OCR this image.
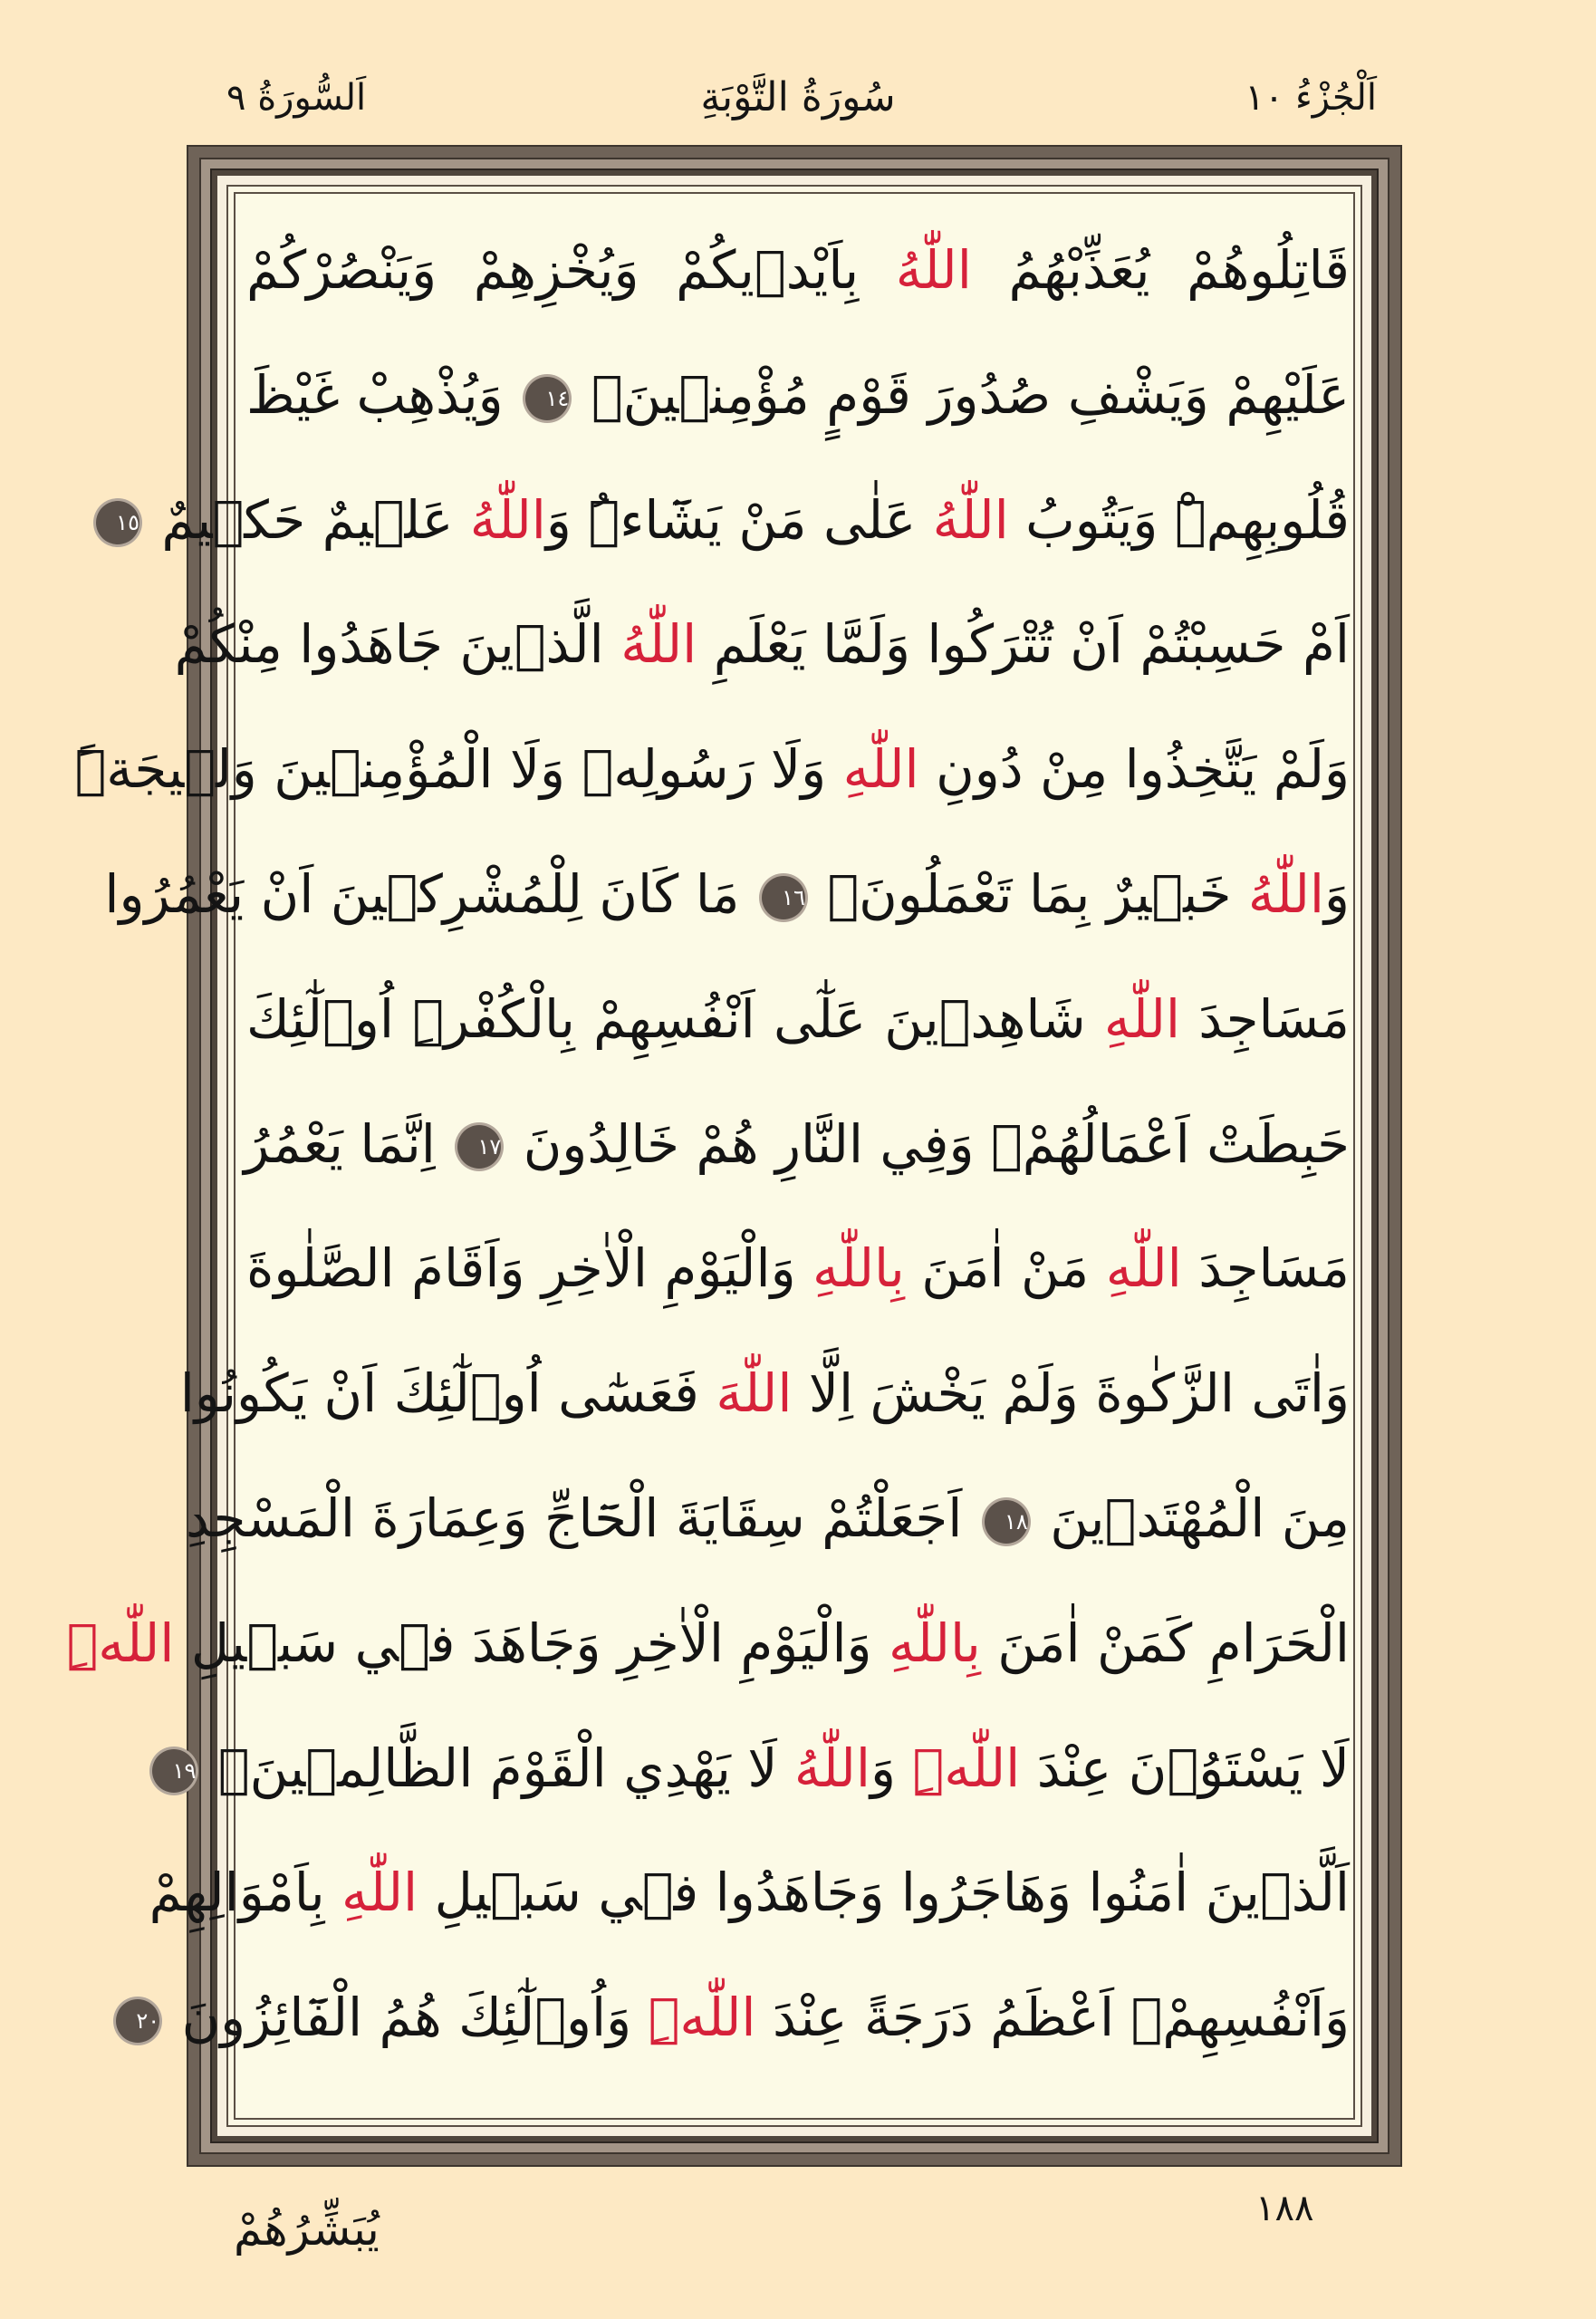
اَلْجُزْءُ ١٠
سُورَةُ التَّوْبَةِ
اَلسُّورَةُ ٩
قَاتِلُوهُمْ يُعَذِّبْهُمُ اللّٰهُ بِاَيْد۪يكُمْ وَيُخْزِهِمْ وَيَنْصُرْكُمْ
عَلَيْهِمْ وَيَشْفِ صُدُورَ قَوْمٍ مُؤْمِن۪ينَۙ ١٤ وَيُذْهِبْ غَيْظَ
قُلُوبِهِمْۜ وَيَتُوبُ اللّٰهُ عَلٰى مَنْ يَشَٓاءُۜ وَاللّٰهُ عَل۪يمٌ حَك۪يمٌ ١٥
اَمْ حَسِبْتُمْ اَنْ تُتْرَكُوا وَلَمَّا يَعْلَمِ اللّٰهُ الَّذ۪ينَ جَاهَدُوا مِنْكُمْ
وَلَمْ يَتَّخِذُوا مِنْ دُونِ اللّٰهِ وَلَا رَسُولِه۪ وَلَا الْمُؤْمِن۪ينَ وَل۪يجَةًۜ
وَاللّٰهُ خَب۪يرٌ بِمَا تَعْمَلُونَ۟ ١٦ مَا كَانَ لِلْمُشْرِك۪ينَ اَنْ يَعْمُرُوا
مَسَاجِدَ اللّٰهِ شَاهِد۪ينَ عَلٰٓى اَنْفُسِهِمْ بِالْكُفْرِۜ اُو۬لٰٓئِكَ
حَبِطَتْ اَعْمَالُهُمْۚ وَفِي النَّارِ هُمْ خَالِدُونَ ١٧ اِنَّمَا يَعْمُرُ
مَسَاجِدَ اللّٰهِ مَنْ اٰمَنَ بِاللّٰهِ وَالْيَوْمِ الْاٰخِرِ وَاَقَامَ الصَّلٰوةَ
وَاٰتَى الزَّكٰوةَ وَلَمْ يَخْشَ اِلَّا اللّٰهَ فَعَسٰٓى اُو۬لٰٓئِكَ اَنْ يَكُونُوا
مِنَ الْمُهْتَد۪ينَ ١٨ اَجَعَلْتُمْ سِقَايَةَ الْحَٓاجِّ وَعِمَارَةَ الْمَسْجِدِ
الْحَرَامِ كَمَنْ اٰمَنَ بِاللّٰهِ وَالْيَوْمِ الْاٰخِرِ وَجَاهَدَ ف۪ي سَب۪يلِ اللّٰهِۜ
لَا يَسْتَوُ۫نَ عِنْدَ اللّٰهِۜ وَاللّٰهُ لَا يَهْدِي الْقَوْمَ الظَّالِم۪ينَۢ ١٩
اَلَّذ۪ينَ اٰمَنُوا وَهَاجَرُوا وَجَاهَدُوا ف۪ي سَب۪يلِ اللّٰهِ بِاَمْوَالِهِمْ
وَاَنْفُسِهِمْۙ اَعْظَمُ دَرَجَةً عِنْدَ اللّٰهِۜ وَاُو۬لٰٓئِكَ هُمُ الْفَٓائِزُونَ ٢٠
١٨٨
يُبَشِّرُهُمْ
